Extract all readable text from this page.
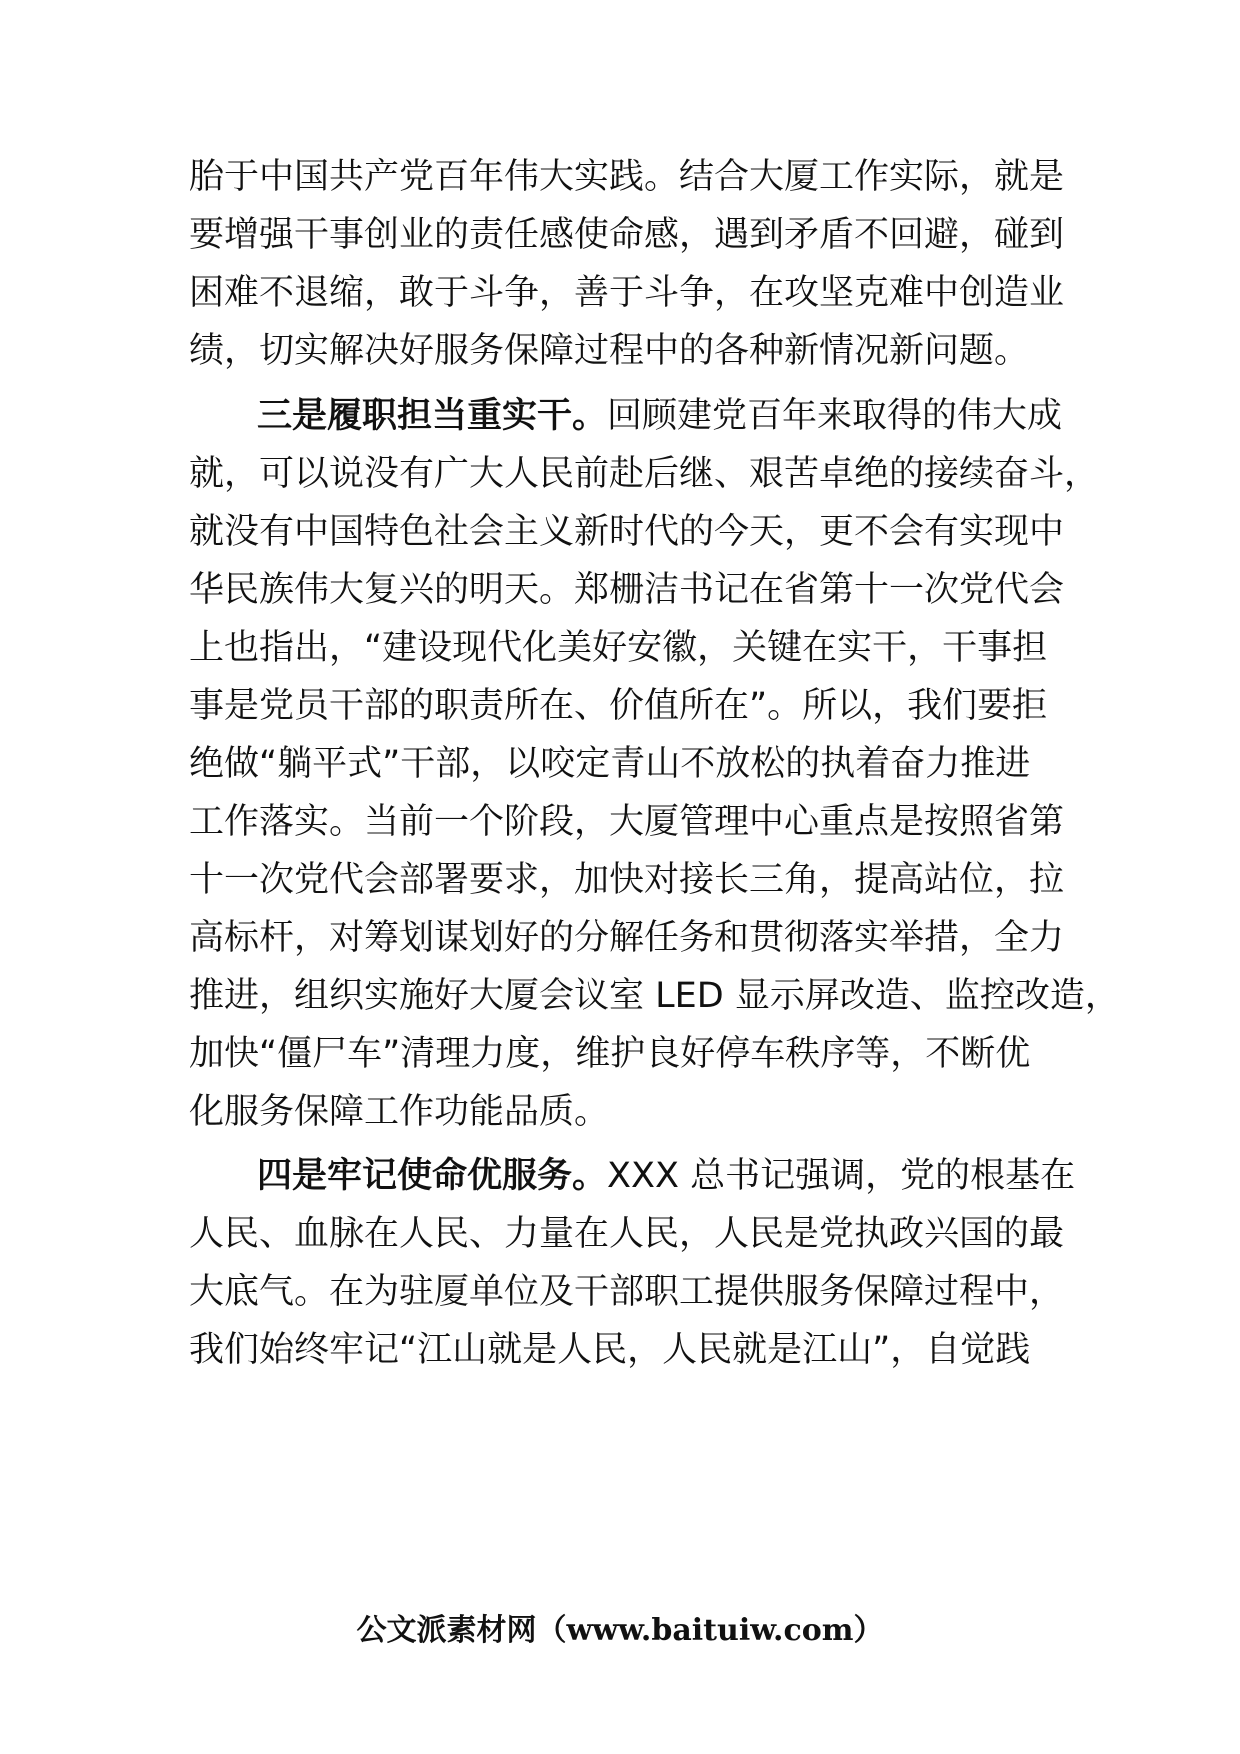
胎于中国共产党百年伟大实践。结合大厦工作实际，就是
要增强干事创业的责任感使命感，遇到矛盾不回避，碰到
困难不退缩，敢于斗争，善于斗争，在攻坚克难中创造业
绩，切实解决好服务保障过程中的各种新情况新问题。
三是履职担当重实干。回顾建党百年来取得的伟大成
就，可以说没有广大人民前赴后继、艰苦卓绝的接续奋斗，
就没有中国特色社会主义新时代的今天，更不会有实现中
华民族伟大复兴的明天。郑栅洁书记在省第十一次党代会
上也指出，“建设现代化美好安徽，关键在实干，干事担
事是党员干部的职责所在、价值所在”。所以，我们要拒
绝做“躺平式”干部，以咬定青山不放松的执着奋力推进
工作落实。当前一个阶段，大厦管理中心重点是按照省第
十一次党代会部署要求，加快对接长三角，提高站位，拉
高标杆，对筹划谋划好的分解任务和贯彻落实举措，全力
推进，组织实施好大厦会议室 LED 显示屏改造、监控改造，
加快“僵尸车”清理力度，维护良好停车秩序等，不断优
化服务保障工作功能品质。
四是牢记使命优服务。XXX 总书记强调，党的根基在
人民、血脉在人民、力量在人民，人民是党执政兴国的最
大底气。在为驻厦单位及干部职工提供服务保障过程中，
我们始终牢记“江山就是人民，人民就是江山”，自觉践
公文派素材网（www.baituiw.com）
